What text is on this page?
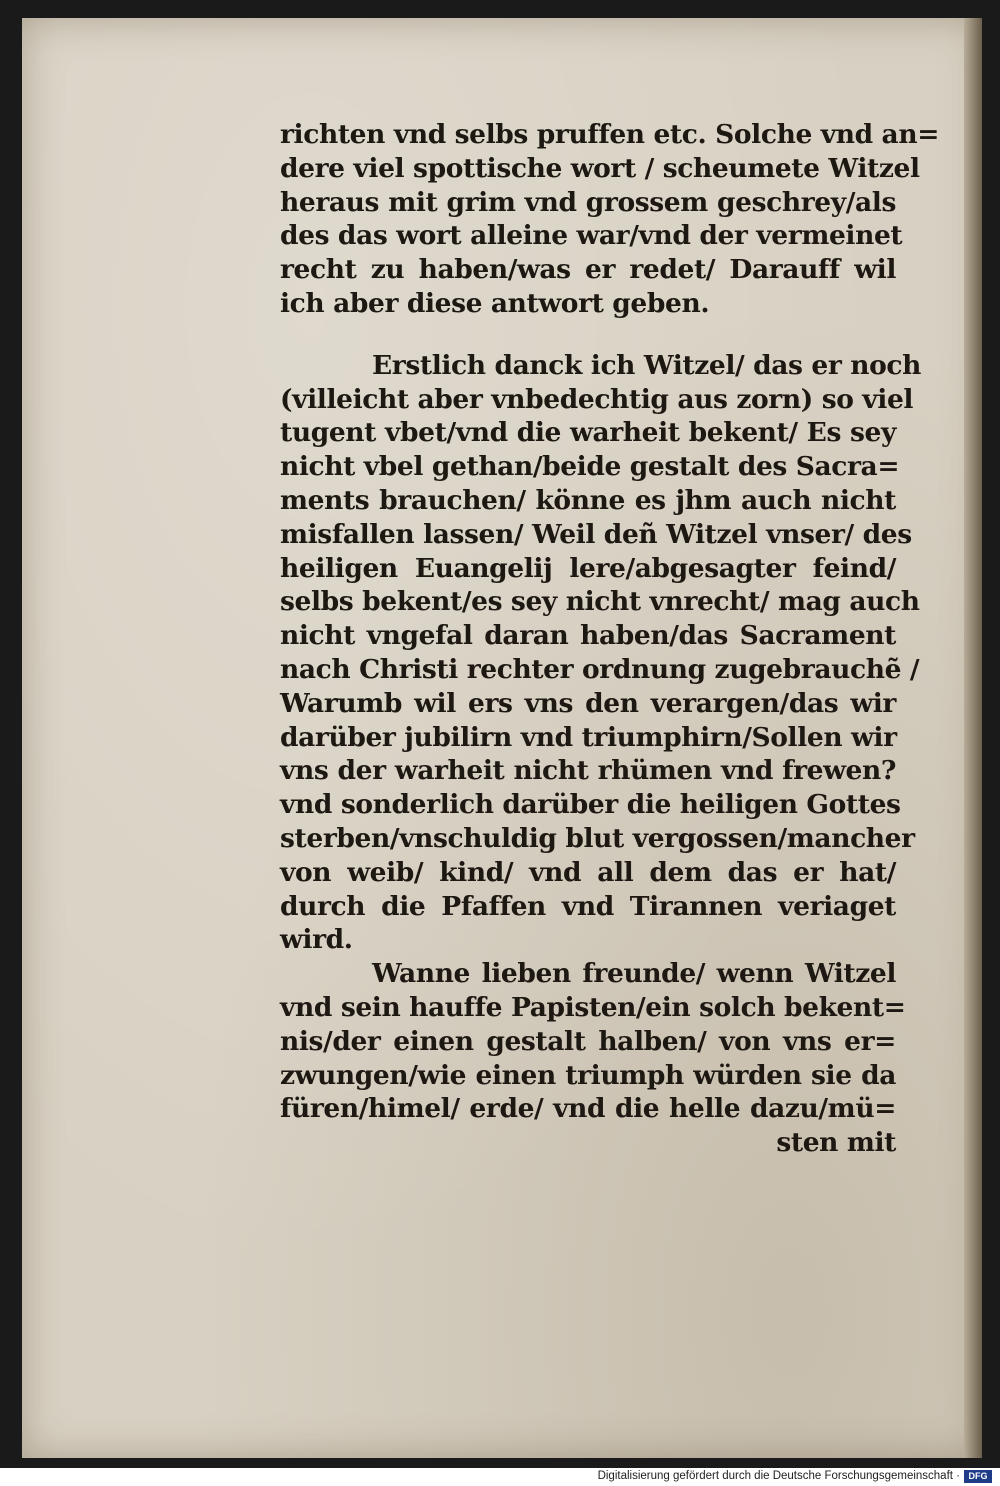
richten vnd selbs pruffen etc. Solche vnd an=
dere viel spottische wort / scheumete Witzel
heraus mit grim vnd grossem geschrey/als
des das wort alleine war/vnd der vermeinet
recht zu haben/was er redet/ Darauff wil
ich aber diese antwort geben.
Erstlich danck ich Witzel/ das er noch
(villeicht aber vnbedechtig aus zorn) so viel
tugent vbet/vnd die warheit bekent/ Es sey
nicht vbel gethan/beide gestalt des Sacra=
ments brauchen/ könne es jhm auch nicht
misfallen lassen/ Weil deñ Witzel vnser/ des
heiligen Euangelij lere/abgesagter feind/
selbs bekent/es sey nicht vnrecht/ mag auch
nicht vngefal daran haben/das Sacrament
nach Christi rechter ordnung zugebrauchẽ /
Warumb wil ers vns den verargen/das wir
darüber jubilirn vnd triumphirn/Sollen wir
vns der warheit nicht rhümen vnd frewen?
vnd sonderlich darüber die heiligen Gottes
sterben/vnschuldig blut vergossen/mancher
von weib/ kind/ vnd all dem das er hat/
durch die Pfaffen vnd Tirannen veriaget
wird.
Wanne lieben freunde/ wenn Witzel
vnd sein hauffe Papisten/ein solch bekent=
nis/der einen gestalt halben/ von vns er=
zwungen/wie einen triumph würden sie da
füren/himel/ erde/ vnd die helle dazu/mü=
sten mit
Digitalisierung gefördert durch die Deutsche Forschungsgemeinschaft · DFG
